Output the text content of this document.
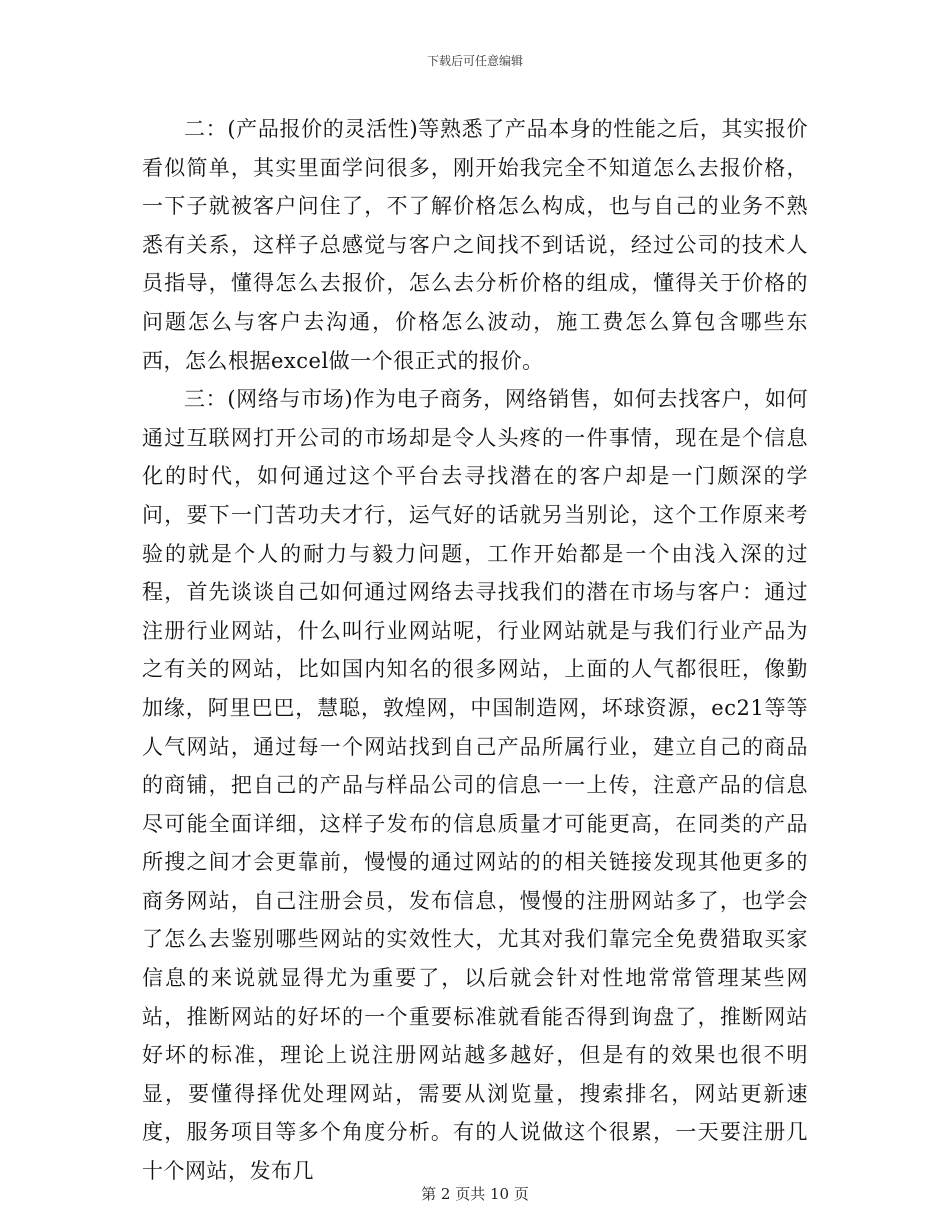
下载后可任意编辑

二：(产品报价的灵活性)等熟悉了产品本身的性能之后，其实报价看似简单，其实里面学问很多，刚开始我完全不知道怎么去报价格，一下子就被客户问住了，不了解价格怎么构成，也与自己的业务不熟悉有关系，这样子总感觉与客户之间找不到话说，经过公司的技术人员指导，懂得怎么去报价，怎么去分析价格的组成，懂得关于价格的问题怎么与客户去沟通，价格怎么波动，施工费怎么算包含哪些东西，怎么根据excel做一个很正式的报价。

三：(网络与市场)作为电子商务，网络销售，如何去找客户，如何通过互联网打开公司的市场却是令人头疼的一件事情，现在是个信息化的时代，如何通过这个平台去寻找潜在的客户却是一门颇深的学问，要下一门苦功夫才行，运气好的话就另当别论，这个工作原来考验的就是个人的耐力与毅力问题，工作开始都是一个由浅入深的过程，首先谈谈自己如何通过网络去寻找我们的潜在市场与客户：通过注册行业网站，什么叫行业网站呢，行业网站就是与我们行业产品为之有关的网站，比如国内知名的很多网站，上面的人气都很旺，像勤加缘，阿里巴巴，慧聪，敦煌网，中国制造网，坏球资源，ec21等等人气网站，通过每一个网站找到自己产品所属行业，建立自己的商品的商铺，把自己的产品与样品公司的信息一一上传，注意产品的信息尽可能全面详细，这样子发布的信息质量才可能更高，在同类的产品所搜之间才会更靠前，慢慢的通过网站的的相关链接发现其他更多的商务网站，自己注册会员，发布信息，慢慢的注册网站多了，也学会了怎么去鉴别哪些网站的实效性大，尤其对我们靠完全免费猎取买家信息的来说就显得尤为重要了，以后就会针对性地常常管理某些网站，推断网站的好坏的一个重要标准就看能否得到询盘了，推断网站好坏的标准，理论上说注册网站越多越好，但是有的效果也很不明显，要懂得择优处理网站，需要从浏览量，搜索排名，网站更新速度，服务项目等多个角度分析。有的人说做这个很累，一天要注册几十个网站，发布几

第 2 页共 10 页
